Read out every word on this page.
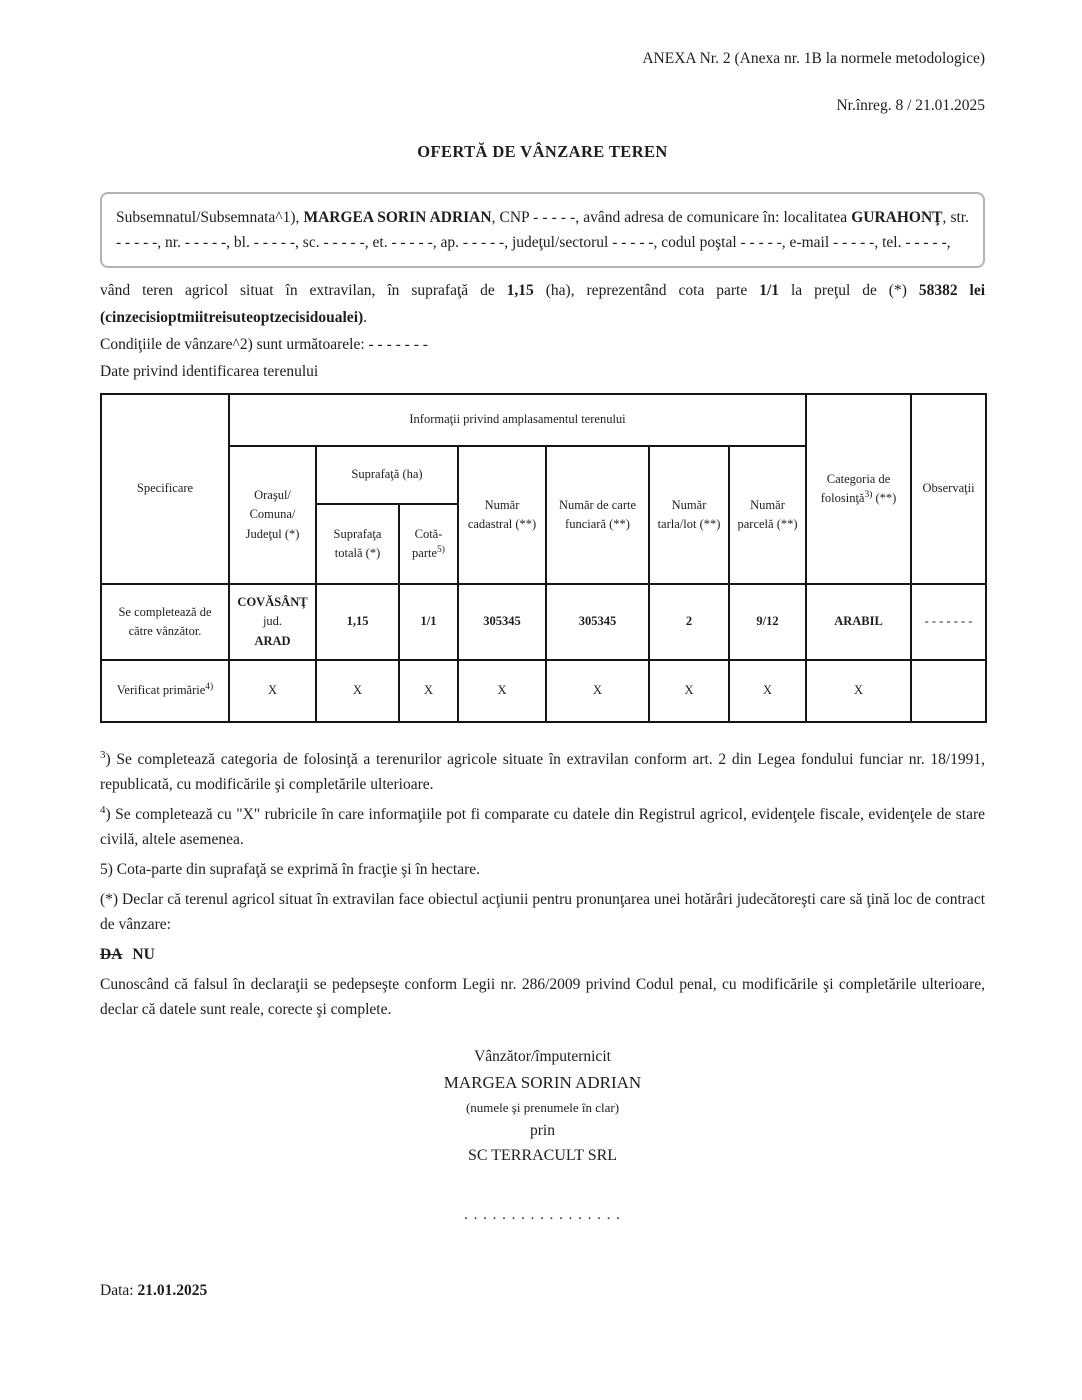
ANEXA Nr. 2 (Anexa nr. 1B la normele metodologice)
Nr.înreg. 8 / 21.01.2025
OFERTĂ DE VÂNZARE TEREN

Subsemnatul/Subsemnata^1), MARGEA SORIN ADRIAN, CNP - - - - -, având adresa de comunicare în: localitatea GURAHONŢ, str. - - - - -, nr. - - - - -, bl. - - - - -, sc. - - - - -, et. - - - - -, ap. - - - - -, judeţul/sectorul - - - - -, codul poştal - - - - -, e-mail - - - - -, tel. - - - - -,

vând teren agricol situat în extravilan, în suprafaţă de 1,15 (ha), reprezentând cota parte 1/1 la preţul de (*) 58382 lei (cinzecisioptmiitreisuteoptzecisidoualei).

Condiţiile de vânzare^2) sunt următoarele: - - - - - - -

Date privind identificarea terenului

Specificare	Informaţii privind amplasamentul terenului							Categoria de folosinţă$^{3)}$ (**)	Observaţii
	Oraşul/ Comuna/ Judeţul (*)	Suprafaţă (ha)		Număr cadastral (**)	Număr de carte funciară (**)	Număr tarla/lot (**)	Număr parcelă (**)		
		Suprafaţa totală (*)	Cotă-parte$^{5)}$
Se completează de către vânzător.	COVĂSÂNŢ
jud.
ARAD	1,15	1/1	305345	305345	2	9/12	ARABIL	- - - - - - -
Verificat primărie$^{4)}$	X	X	X	X	X	X	X	X	

$^3$) Se completează categoria de folosinţă a terenurilor agricole situate în extravilan conform art. 2 din Legea fondului funciar nr. 18/1991, republicată, cu modificările şi completările ulterioare.

$^4$) Se completează cu "X" rubricile în care informaţiile pot fi comparate cu datele din Registrul agricol, evidenţele fiscale, evidenţele de stare civilă, altele asemenea.

5) Cota-parte din suprafaţă se exprimă în fracţie şi în hectare.

(*) Declar că terenul agricol situat în extravilan face obiectul acţiunii pentru pronunţarea unei hotărâri judecătoreşti care să ţină loc de contract de vânzare:

DA NU

Cunoscând că falsul în declaraţii se pedepseşte conform Legii nr. 286/2009 privind Codul penal, cu modificările şi completările ulterioare, declar că datele sunt reale, corecte şi complete.

Vânzător/împuternicit
MARGEA SORIN ADRIAN
(numele şi prenumele în clar)
prin
SC TERRACULT SRL
. . . . . . . . . . . . . . . . .
Data: 21.01.2025
